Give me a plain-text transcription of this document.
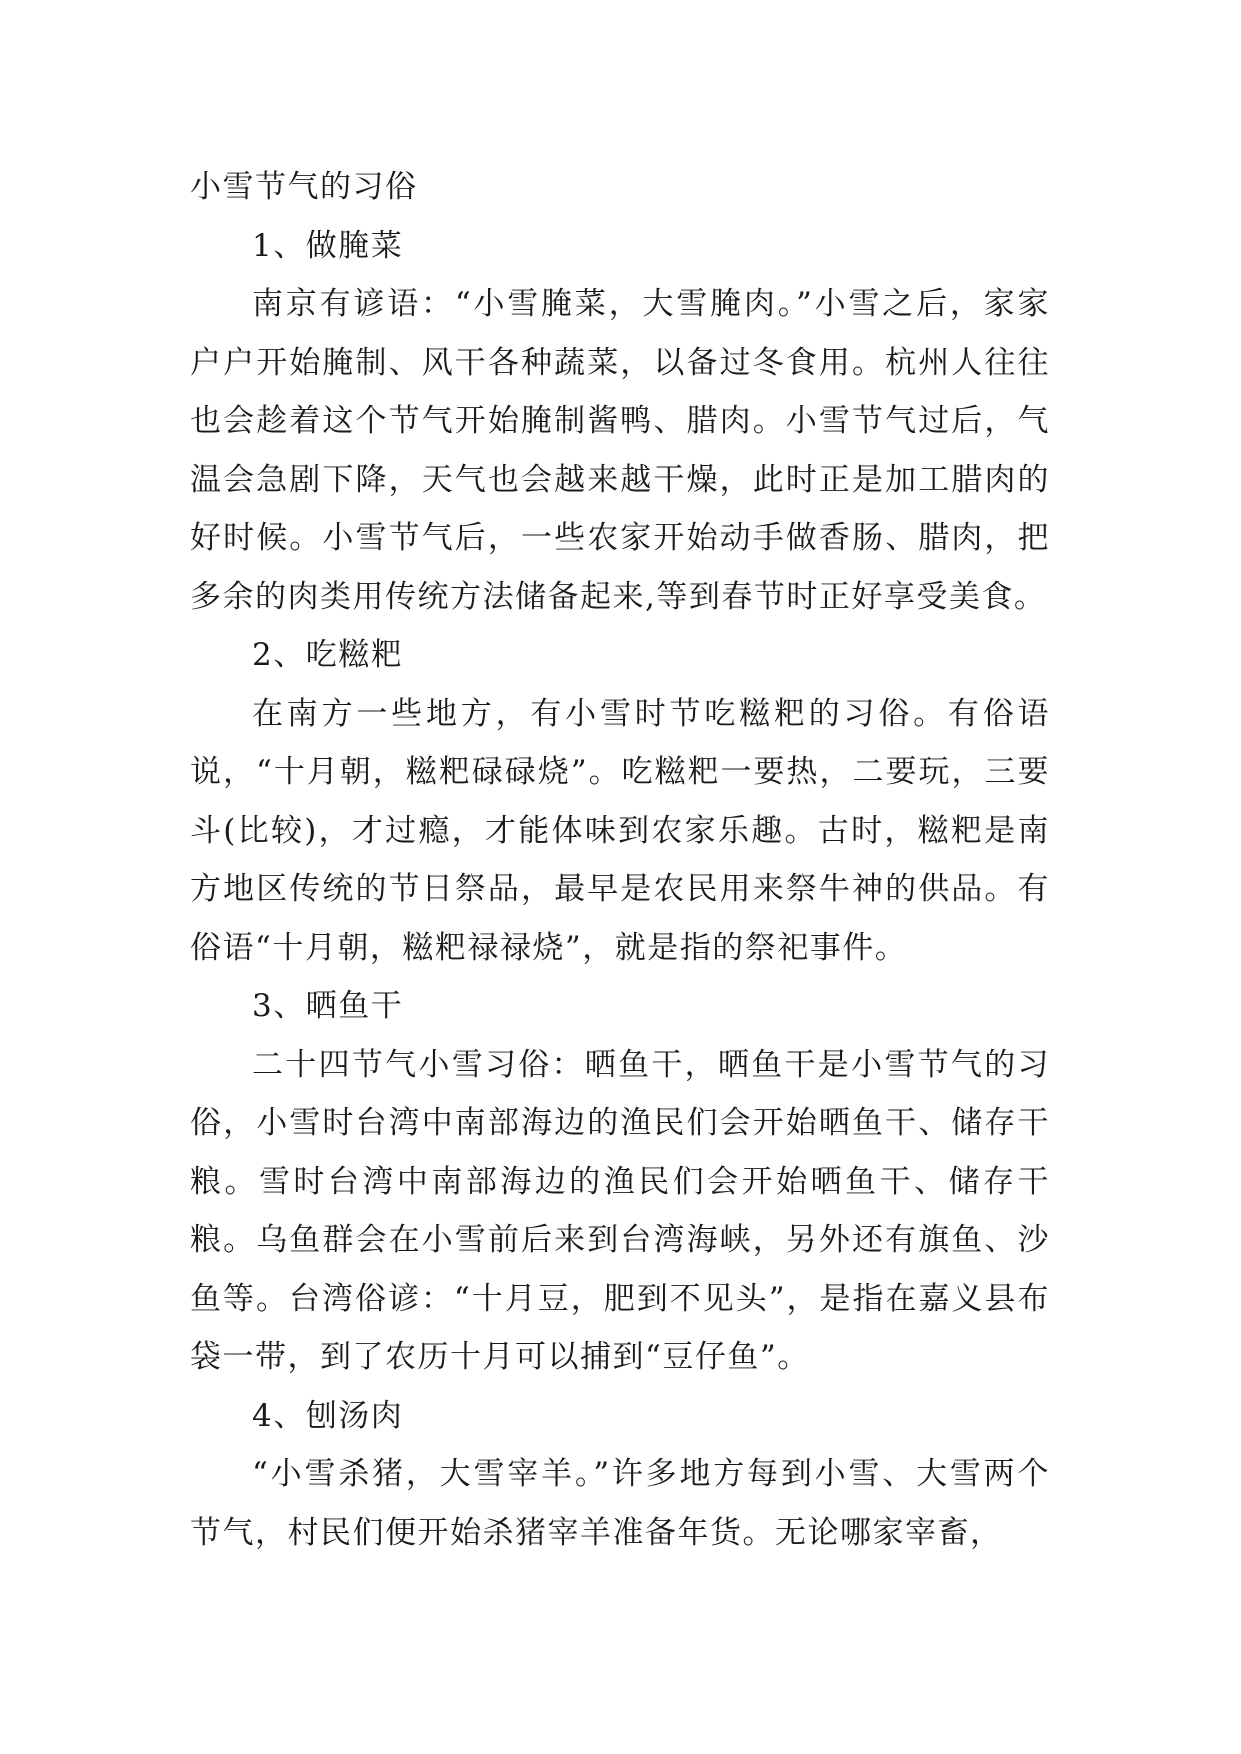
小雪节气的习俗
1、做腌菜

南京有谚语：“小雪腌菜，大雪腌肉。”小雪之后，家家户户开始腌制、风干各种蔬菜，以备过冬食用。杭州人往往也会趁着这个节气开始腌制酱鸭、腊肉。小雪节气过后，气温会急剧下降，天气也会越来越干燥，此时正是加工腊肉的好时候。小雪节气后，一些农家开始动手做香肠、腊肉，把多余的肉类用传统方法储备起来,等到春节时正好享受美食。

2、吃糍粑

在南方一些地方，有小雪时节吃糍粑的习俗。有俗语说，“十月朝，糍粑碌碌烧”。吃糍粑一要热，二要玩，三要斗(比较)，才过瘾，才能体味到农家乐趣。古时，糍粑是南方地区传统的节日祭品，最早是农民用来祭牛神的供品。有俗语“十月朝，糍粑禄禄烧”，就是指的祭祀事件。

3、晒鱼干

二十四节气小雪习俗：晒鱼干，晒鱼干是小雪节气的习俗，小雪时台湾中南部海边的渔民们会开始晒鱼干、储存干粮。雪时台湾中南部海边的渔民们会开始晒鱼干、储存干粮。乌鱼群会在小雪前后来到台湾海峡，另外还有旗鱼、沙鱼等。台湾俗谚：“十月豆，肥到不见头”，是指在嘉义县布袋一带，到了农历十月可以捕到“豆仔鱼”。

4、刨汤肉

“小雪杀猪，大雪宰羊。”许多地方每到小雪、大雪两个节气，村民们便开始杀猪宰羊准备年货。无论哪家宰畜，
